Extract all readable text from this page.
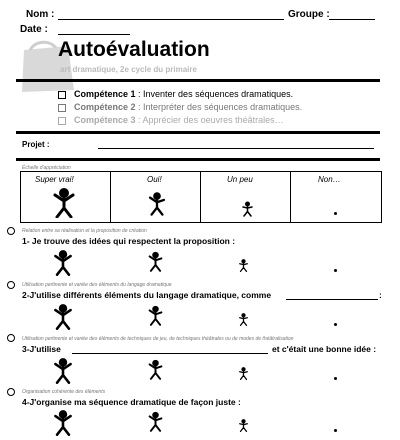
Nom :	Groupe :
Date :
Autoévaluation
art dramatique, 2e cycle du primaire
Compétence 1 : Inventer des séquences dramatiques.
Compétence 2 : Interpréter des séquences dramatiques.
Compétence 3 : Apprécier des oeuvres théâtrales…
Projet :
Échelle d'appréciation
Super vrai!	Oui!	Un peu	Non…
Relation entre sa réalisation et la proposition de création
1- Je trouve des idées qui respectent la proposition :
Utilisation pertinente et variée des éléments du langage dramatique
2-J'utilise différents éléments du langage dramatique, comme	:
Utilisation pertinente et variée des éléments de techniques de jeu, de techniques théâtrales ou de modes de théâtralisation
3-J'utilise	et c'était une bonne idée :
Organisation cohérente des éléments
4-J'organise ma séquence dramatique de façon juste :
